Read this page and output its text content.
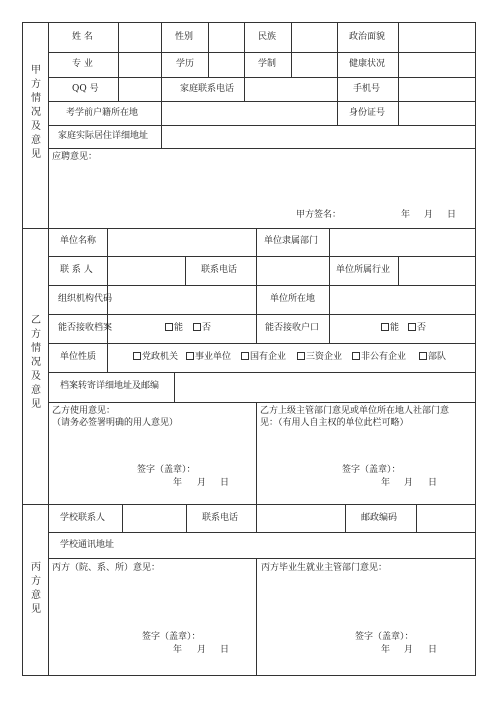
甲
方
情
况
及
意
见
姓 名	性别	民族	政治面貌
专 业	学历	学制	健康状况
QQ 号	家庭联系电话	手机号
考学前户籍所在地	身份证号
家庭实际居住详细地址
应聘意见：
甲方签名：	年 月 日
乙
方
情
况
及
意
见
单位名称	单位隶属部门
联 系 人	联系电话	单位所属行业
组织机构代码	单位所在地
能否接收档案	能	否	能否接收户口	能	否
单位性质	党政机关	事业单位	国有企业	三资企业	非公有企业	部队
档案转寄详细地址及邮编
乙方使用意见：
（请务必签署明确的用人意见）
乙方上级主管部门意见或单位所在地人社部门意
见：（有用人自主权的单位此栏可略）
签字（盖章）：
年 月 日
签字（盖章）：
年 月 日
丙
方
意
见
学校联系人	联系电话	邮政编码
学校通讯地址
丙方（院、系、所）意见：	丙方毕业生就业主管部门意见：
签字（盖章）：
年 月 日
签字（盖章）：
年 月 日
